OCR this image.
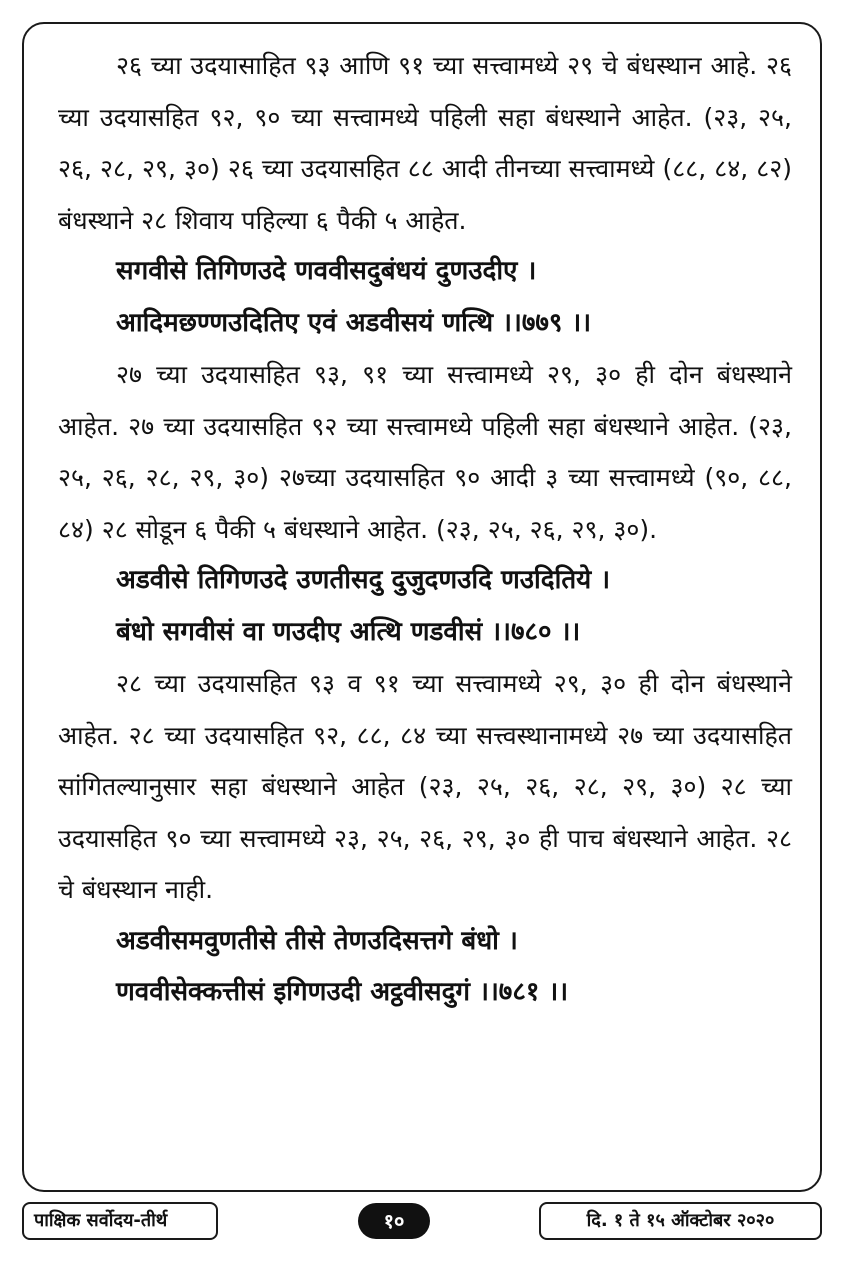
२६ च्या उदयासाहित ९३ आणि ९१ च्या सत्त्वामध्ये २९ चे बंधस्थान आहे. २६ च्या उदयासहित ९२, ९० च्या सत्त्वामध्ये पहिली सहा बंधस्थाने आहेत. (२३, २५, २६, २८, २९, ३०) २६ च्या उदयासहित ८८ आदी तीनच्या सत्त्वामध्ये (८८, ८४, ८२) बंधस्थाने २८ शिवाय पहिल्या ६ पैकी ५ आहेत.

सगवीसे तिगिणउदे णववीसदुबंधयं दुणउदीए ।
आदिमछण्णउदितिए एवं अडवीसयं णत्थि ।।७७९ ।।

२७ च्या उदयासहित ९३, ९१ च्या सत्त्वामध्ये २९, ३० ही दोन बंधस्थाने आहेत. २७ च्या उदयासहित ९२ च्या सत्त्वामध्ये पहिली सहा बंधस्थाने आहेत. (२३, २५, २६, २८, २९, ३०) २७च्या उदयासहित ९० आदी ३ च्या सत्त्वामध्ये (९०, ८८, ८४) २८ सोडून ६ पैकी ५ बंधस्थाने आहेत. (२३, २५, २६, २९, ३०).

अडवीसे तिगिणउदे उणतीसदु दुजुदणउदि णउदितिये ।
बंधो सगवीसं वा णउदीए अत्थि णडवीसं ।।७८० ।।

२८ च्या उदयासहित ९३ व ९१ च्या सत्त्वामध्ये २९, ३० ही दोन बंधस्थाने आहेत. २८ च्या उदयासहित ९२, ८८, ८४ च्या सत्त्वस्थानामध्ये २७ च्या उदयासहित सांगितल्यानुसार सहा बंधस्थाने आहेत (२३, २५, २६, २८, २९, ३०) २८ च्या उदयासहित ९० च्या सत्त्वामध्ये २३, २५, २६, २९, ३० ही पाच बंधस्थाने आहेत. २८ चे बंधस्थान नाही.

अडवीसमवुणतीसे तीसे तेणउदिसत्तगे बंधो ।
णववीसेक्कत्तीसं इगिणउदी अट्ठवीसदुगं ।।७८१ ।।
पाक्षिक सर्वोदय-तीर्थ	१०	दि. १ ते १५ ऑक्टोबर २०२०
